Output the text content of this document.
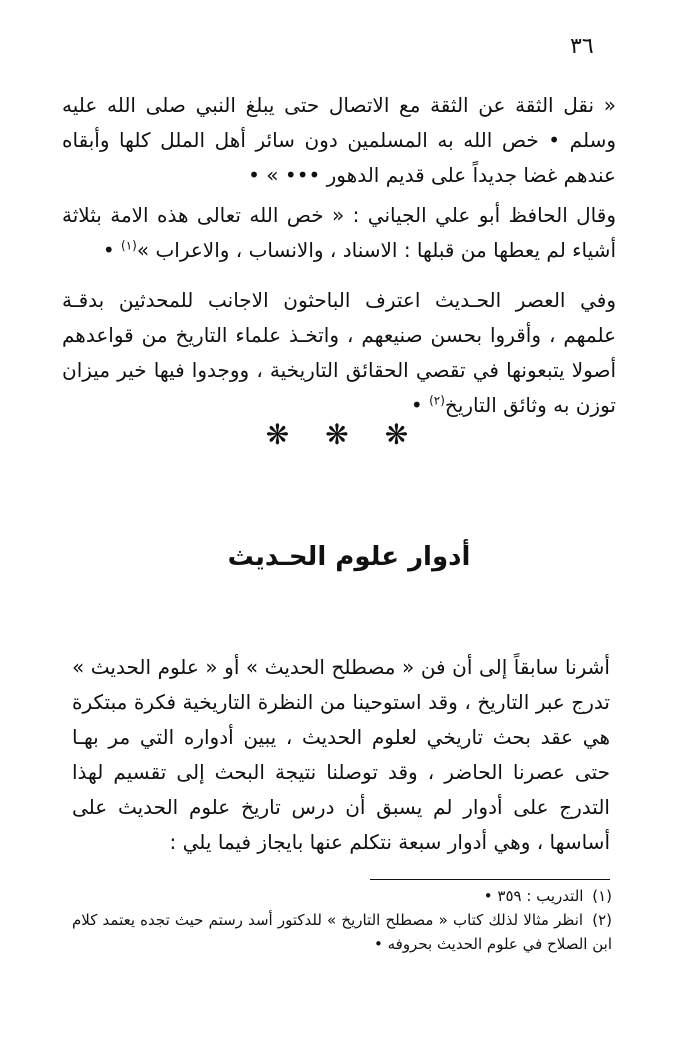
٣٦

« نقل الثقة عن الثقة مع الاتصال حتى يبلغ النبي صلى الله عليه وسلم • خص الله به المسلمين دون سائر أهل الملل كلها وأبقاه عندهم غضا جديداً على قديم الدهور ••• » •

وقال الحافظ أبو علي الجياني : « خص الله تعالى هذه الامة بثلاثة أشياء لم يعطها من قبلها : الاسناد ، والانساب ، والاعراب »$^{(١)}$ •

وفي العصر الحـديث اعترف الباحثون الاجانب للمحدثين بدقـة علمهم ، وأقروا بحسن صنيعهم ، واتخـذ علماء التاريخ من قواعدهم أصولا يتبعونها في تقصي الحقائق التاريخية ، ووجدوا فيها خير ميزان توزن به وثائق التاريخ$^{(٢)}$ •

❋ ❋ ❋
أدوار علوم الحـديث

أشرنا سابقاً إلى أن فن « مصطلح الحديث » أو « علوم الحديث » تدرج عبر التاريخ ، وقد استوحينا من النظرة التاريخية فكرة مبتكرة هي عقد بحث تاريخي لعلوم الحديث ، يبين أدواره التي مر بهـا حتى عصرنا الحاضر ، وقد توصلنا نتيجة البحث إلى تقسيم لهذا التدرج على أدوار لم يسبق أن درس تاريخ علوم الحديث على أساسها ، وهي أدوار سبعة نتكلم عنها بايجاز فيما يلي :

(١) التدريب : ٣٥٩ •

(٢) انظر مثالا لذلك كتاب « مصطلح التاريخ » للدكتور أسد رستم حيث تجده يعتمد كلام ابن الصلاح في علوم الحديث بحروفه •
